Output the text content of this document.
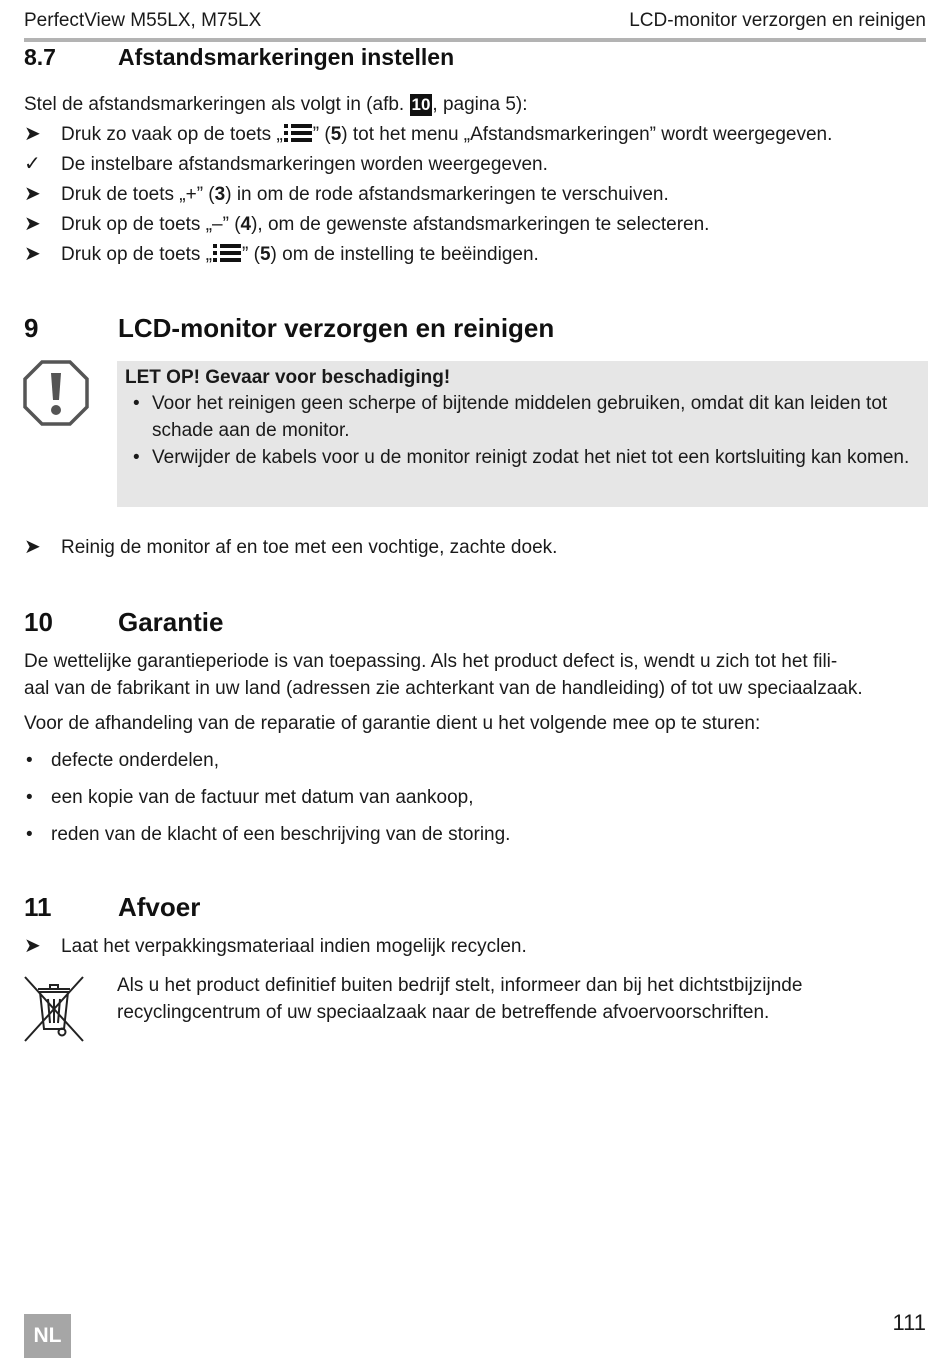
PerfectView M55LX, M75LX	LCD-monitor verzorgen en reinigen
8.7	Afstandsmarkeringen instellen
Stel de afstandsmarkeringen als volgt in (afb. 10 , pagina 5):
➤	Druk zo vaak op de toets „ ” (5) tot het menu „Afstandsmarkeringen” wordt weergegeven.
✓	De instelbare afstandsmarkeringen worden weergegeven.
➤	Druk de toets „+” (3) in om de rode afstandsmarkeringen te verschuiven.
➤	Druk op de toets „–” (4), om de gewenste afstandsmarkeringen te selecteren.
➤	Druk op de toets „ ” (5) om de instelling te beëindigen.
9	LCD-monitor verzorgen en reinigen
LET OP! Gevaar voor beschadiging!
• Voor het reinigen geen scherpe of bijtende middelen gebruiken, omdat dit kan leiden tot schade aan de monitor.
• Verwijder de kabels voor u de monitor reinigt zodat het niet tot een kortsluiting kan komen.
➤	Reinig de monitor af en toe met een vochtige, zachte doek.
10	Garantie
De wettelijke garantieperiode is van toepassing. Als het product defect is, wendt u zich tot het fili-
aal van de fabrikant in uw land (adressen zie achterkant van de handleiding) of tot uw speciaalzaak.
Voor de afhandeling van de reparatie of garantie dient u het volgende mee op te sturen:
• defecte onderdelen,
• een kopie van de factuur met datum van aankoop,
• reden van de klacht of een beschrijving van de storing.
11	Afvoer
➤	Laat het verpakkingsmateriaal indien mogelijk recyclen.
Als u het product definitief buiten bedrijf stelt, informeer dan bij het dichtstbijzijnde recyclingcentrum of uw speciaalzaak naar de betreffende afvoervoorschriften.
NL
111
